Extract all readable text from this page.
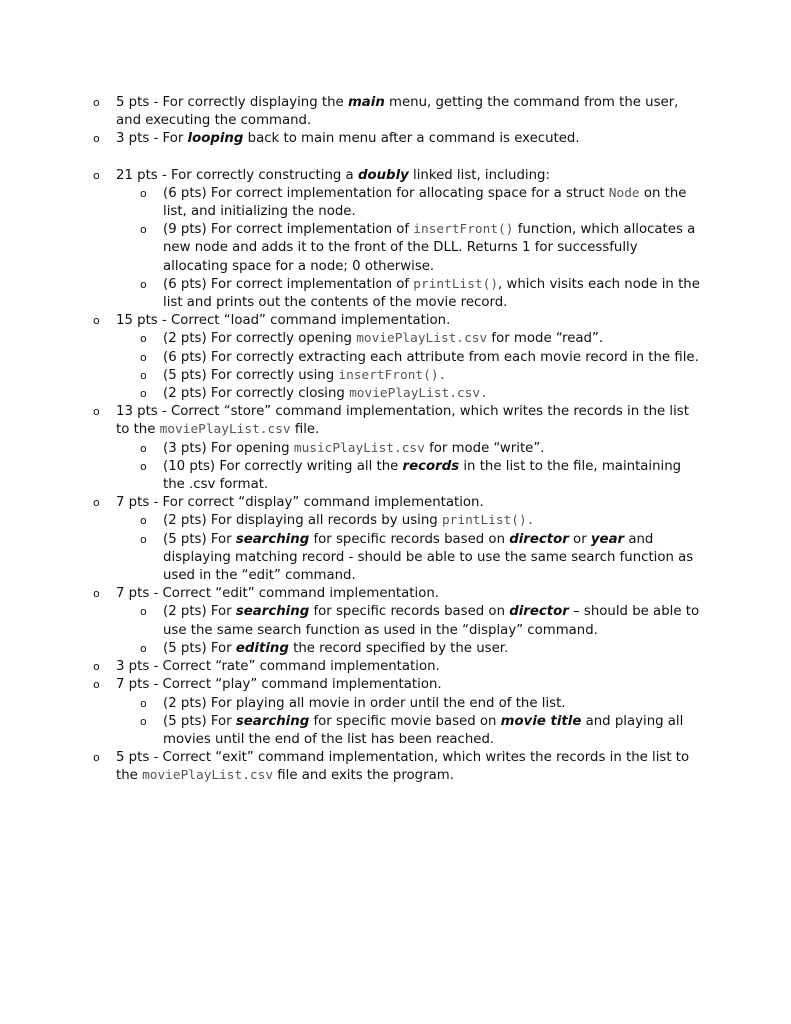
o 5 pts - For correctly displaying the main menu, getting the command from the user, and executing the command.
o 3 pts - For looping back to main menu after a command is executed.
o 21 pts - For correctly constructing a doubly linked list, including:
o (6 pts) For correct implementation for allocating space for a struct Node on the list, and initializing the node.
o (9 pts) For correct implementation of insertFront() function, which allocates a new node and adds it to the front of the DLL. Returns 1 for successfully allocating space for a node; 0 otherwise.
o (6 pts) For correct implementation of printList(), which visits each node in the list and prints out the contents of the movie record.
o 15 pts - Correct “load” command implementation.
o (2 pts) For correctly opening moviePlayList.csv for mode “read”.
o (6 pts) For correctly extracting each attribute from each movie record in the file.
o (5 pts) For correctly using insertFront().
o (2 pts) For correctly closing moviePlayList.csv.
o 13 pts - Correct “store” command implementation, which writes the records in the list to the moviePlayList.csv file.
o (3 pts) For opening musicPlayList.csv for mode “write”.
o (10 pts) For correctly writing all the records in the list to the file, maintaining the .csv format.
o 7 pts - For correct “display” command implementation.
o (2 pts) For displaying all records by using printList().
o (5 pts) For searching for specific records based on director or year and displaying matching record - should be able to use the same search function as used in the “edit” command.
o 7 pts - Correct “edit” command implementation.
o (2 pts) For searching for specific records based on director – should be able to use the same search function as used in the “display” command.
o (5 pts) For editing the record specified by the user.
o 3 pts - Correct “rate” command implementation.
o 7 pts - Correct “play” command implementation.
o (2 pts) For playing all movie in order until the end of the list.
o (5 pts) For searching for specific movie based on movie title and playing all movies until the end of the list has been reached.
o 5 pts - Correct “exit” command implementation, which writes the records in the list to the moviePlayList.csv file and exits the program.
